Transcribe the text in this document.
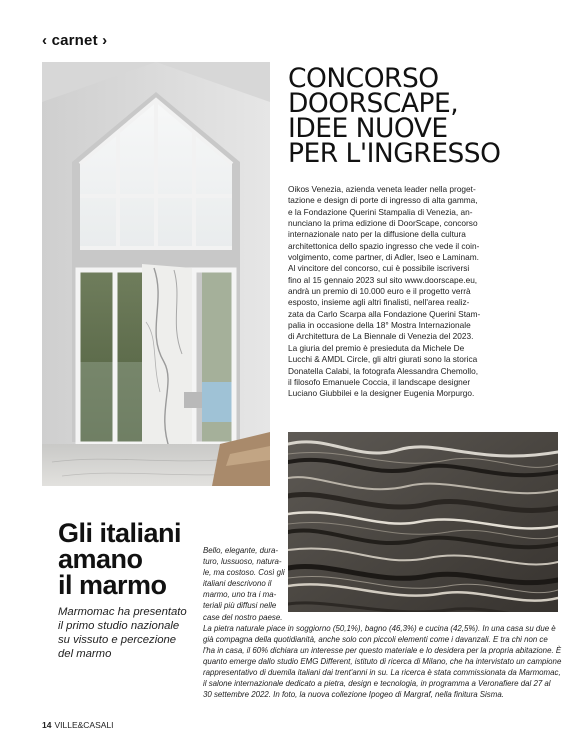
‹ carnet ›
CONCORSO
DOORSCAPE,
IDEE NUOVE
PER L'INGRESSO

Oikos Venezia, azienda veneta leader nella proget-
tazione e design di porte di ingresso di alta gamma,
e la Fondazione Querini Stampalia di Venezia, an-
nunciano la prima edizione di DoorScape, concorso
internazionale nato per la diffusione della cultura
architettonica dello spazio ingresso che vede il coin-
volgimento, come partner, di Adler, Iseo e Laminam.
Al vincitore del concorso, cui è possibile iscriversi
fino al 15 gennaio 2023 sul sito www.doorscape.eu,
andrà un premio di 10.000 euro e il progetto verrà
esposto, insieme agli altri finalisti, nell'area realiz-
zata da Carlo Scarpa alla Fondazione Querini Stam-
palia in occasione della 18° Mostra Internazionale
di Architettura de La Biennale di Venezia del 2023.
La giuria del premio è presieduta da Michele De
Lucchi & AMDL Circle, gli altri giurati sono la storica
Donatella Calabi, la fotografa Alessandra Chemollo,
il filosofo Emanuele Coccia, il landscape designer
Luciano Giubbilei e la designer Eugenia Morpurgo.

Gli italiani
amano
il marmo

Marmomac ha presentato
il primo studio nazionale
su vissuto e percezione
del marmo

Bello, elegante, dura-
turo, lussuoso, natura-
le, ma costoso. Così gli
italiani descrivono il
marmo, uno tra i ma-
teriali più diffusi nelle
case del nostro paese.
La pietra naturale piace in soggiorno (50,1%), bagno (46,3%) e cucina (42,5%). In una casa su due è
già compagna della quotidianità, anche solo con piccoli elementi come i davanzali. E tra chi non ce
l'ha in casa, il 60% dichiara un interesse per questo materiale e lo desidera per la propria abitazione. È
quanto emerge dallo studio EMG Different, istituto di ricerca di Milano, che ha intervistato un campione
rappresentativo di duemila italiani dai trent'anni in su. La ricerca è stata commissionata da Marmomac,
il salone internazionale dedicato a pietra, design e tecnologia, in programma a Veronafiere dal 27 al
30 settembre 2022. In foto, la nuova collezione Ipogeo di Margraf, nella finitura Sisma.

14 VILLE&CASALI
